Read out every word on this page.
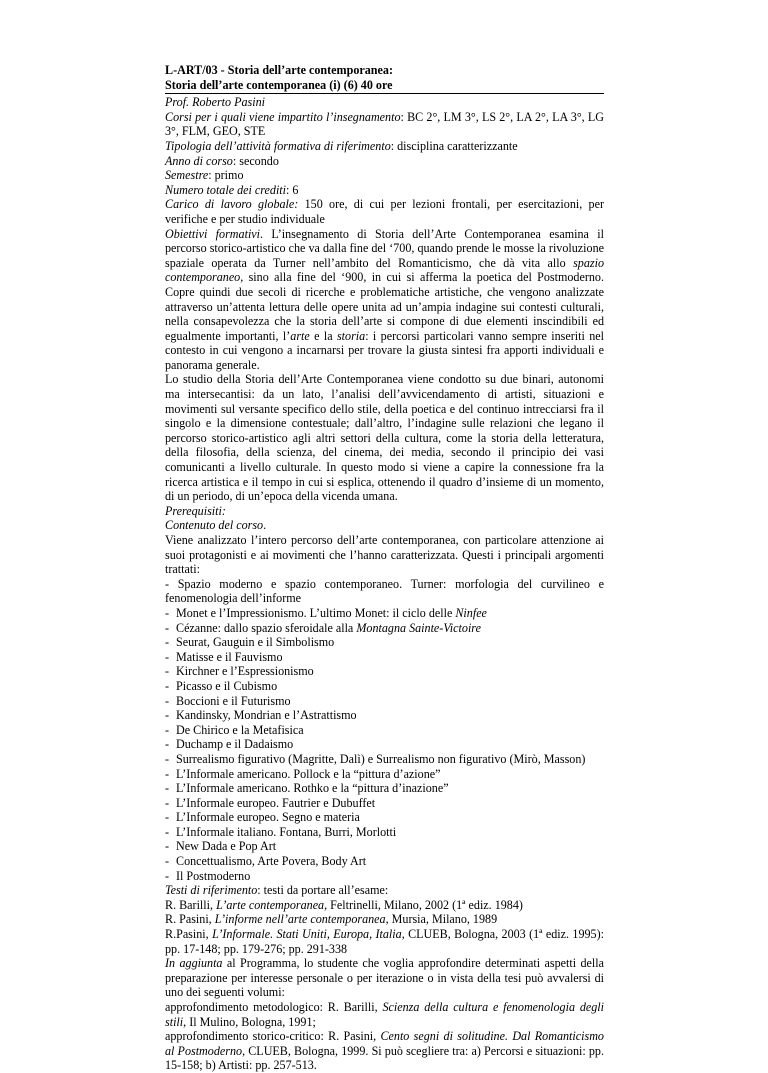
L-ART/03 - Storia dell’arte contemporanea:

Storia dell’arte contemporanea (i) (6) 40 ore

Prof. Roberto Pasini

Corsi per i quali viene impartito l’insegnamento: BC 2°, LM 3°, LS 2°, LA 2°, LA 3°, LG 3°, FLM, GEO, STE

Tipologia dell’attività formativa di riferimento: disciplina caratterizzante

Anno di corso: secondo

Semestre: primo

Numero totale dei crediti: 6

Carico di lavoro globale: 150 ore, di cui per lezioni frontali, per esercitazioni, per verifiche e per studio individuale

Obiettivi formativi. L’insegnamento di Storia dell’Arte Contemporanea esamina il percorso storico-artistico che va dalla fine del ‘700, quando prende le mosse la rivoluzione spaziale operata da Turner nell’ambito del Romanticismo, che dà vita allo spazio contemporaneo, sino alla fine del ‘900, in cui si afferma la poetica del Postmoderno. Copre quindi due secoli di ricerche e problematiche artistiche, che vengono analizzate attraverso un’attenta lettura delle opere unita ad un’ampia indagine sui contesti culturali, nella consapevolezza che la storia dell’arte si compone di due elementi inscindibili ed egualmente importanti, l’arte e la storia: i percorsi particolari vanno sempre inseriti nel contesto in cui vengono a incarnarsi per trovare la giusta sintesi fra apporti individuali e panorama generale.

Lo studio della Storia dell’Arte Contemporanea viene condotto su due binari, autonomi ma intersecantisi: da un lato, l’analisi dell’avvicendamento di artisti, situazioni e movimenti sul versante specifico dello stile, della poetica e del continuo intrecciarsi fra il singolo e la dimensione contestuale; dall’altro, l’indagine sulle relazioni che legano il percorso storico-artistico agli altri settori della cultura, come la storia della letteratura, della filosofia, della scienza, del cinema, dei media, secondo il principio dei vasi comunicanti a livello culturale. In questo modo si viene a capire la connessione fra la ricerca artistica e il tempo in cui si esplica, ottenendo il quadro d’insieme di un momento, di un periodo, di un’epoca della vicenda umana.

Prerequisiti:

Contenuto del corso.

Viene analizzato l’intero percorso dell’arte contemporanea, con particolare attenzione ai suoi protagonisti e ai movimenti che l’hanno caratterizzata. Questi i principali argomenti trattati:

- Spazio moderno e spazio contemporaneo. Turner: morfologia del curvilineo e fenomenologia dell’informe

- Monet e l’Impressionismo. L’ultimo Monet: il ciclo delle Ninfee
- Cézanne: dallo spazio sferoidale alla Montagna Sainte-Victoire
- Seurat, Gauguin e il Simbolismo
- Matisse e il Fauvismo
- Kirchner e l’Espressionismo
- Picasso e il Cubismo
- Boccioni e il Futurismo
- Kandinsky, Mondrian e l’Astrattismo
- De Chirico e la Metafisica
- Duchamp e il Dadaismo
- Surrealismo figurativo (Magritte, Dalì) e Surrealismo non figurativo (Mirò, Masson)
- L’Informale americano. Pollock e la “pittura d’azione”
- L’Informale americano. Rothko e la “pittura d’inazione”
- L’Informale europeo. Fautrier e Dubuffet
- L’Informale europeo. Segno e materia
- L’Informale italiano. Fontana, Burri, Morlotti
- New Dada e Pop Art
- Concettualismo, Arte Povera, Body Art
- Il Postmoderno

Testi di riferimento: testi da portare all’esame:

R. Barilli, L’arte contemporanea, Feltrinelli, Milano, 2002 (1ª ediz. 1984)

R. Pasini, L’informe nell’arte contemporanea, Mursia, Milano, 1989

R.Pasini, L’Informale. Stati Uniti, Europa, Italia, CLUEB, Bologna, 2003 (1ª ediz. 1995): pp. 17-148; pp. 179-276; pp. 291-338

In aggiunta al Programma, lo studente che voglia approfondire determinati aspetti della preparazione per interesse personale o per iterazione o in vista della tesi può avvalersi di uno dei seguenti volumi:

approfondimento metodologico: R. Barilli, Scienza della cultura e fenomenologia degli stili, Il Mulino, Bologna, 1991;

approfondimento storico-critico: R. Pasini, Cento segni di solitudine. Dal Romanticismo al Postmoderno, CLUEB, Bologna, 1999. Si può scegliere tra: a) Percorsi e situazioni: pp. 15-158; b) Artisti: pp. 257-513.
